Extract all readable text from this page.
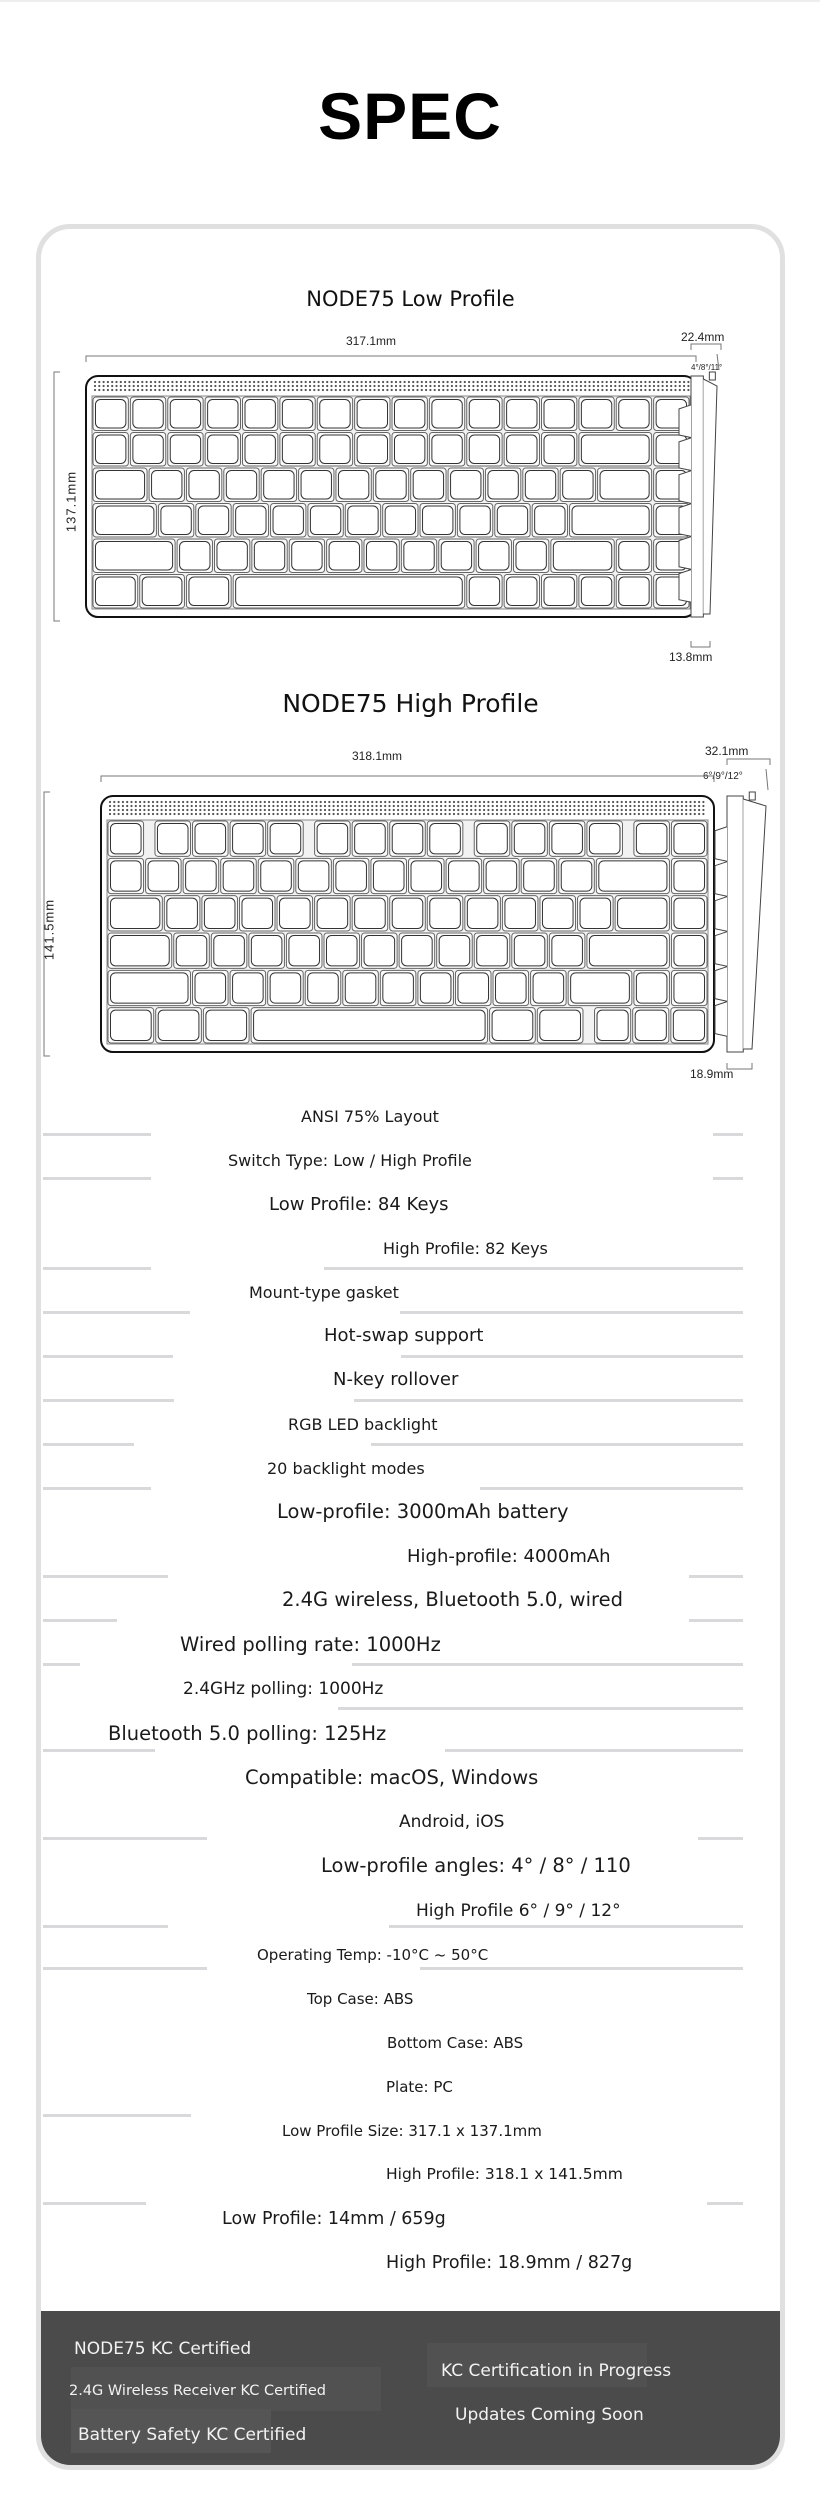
SPEC
NODE75 Low Profile
317.1mm	22.4mm
4°/8°/11°
13.8mm
137.1mm
NODE75 High Profile
318.1mm	32.1mm
6°/9°/12°
18.9mm
141.5mm
ANSI 75% Layout
Switch Type: Low / High Profile
Low Profile: 84 Keys
High Profile: 82 Keys
Mount-type gasket
Hot-swap support
N-key rollover
RGB LED backlight
20 backlight modes
Low-profile: 3000mAh battery
High-profile: 4000mAh
2.4G wireless, Bluetooth 5.0, wired
Wired polling rate: 1000Hz
2.4GHz polling: 1000Hz
Bluetooth 5.0 polling: 125Hz
Compatible: macOS, Windows
Android, iOS
Low-profile angles: 4° / 8° / 110
High Profile 6° / 9° / 12°
Operating Temp: -10°C ~ 50°C
Top Case: ABS
Bottom Case: ABS
Plate: PC
Low Profile Size: 317.1 x 137.1mm
High Profile: 318.1 x 141.5mm
Low Profile: 14mm / 659g
High Profile: 18.9mm / 827g
NODE75 KC Certified
2.4G Wireless Receiver KC Certified
Battery Safety KC Certified
KC Certification in Progress
Updates Coming Soon
